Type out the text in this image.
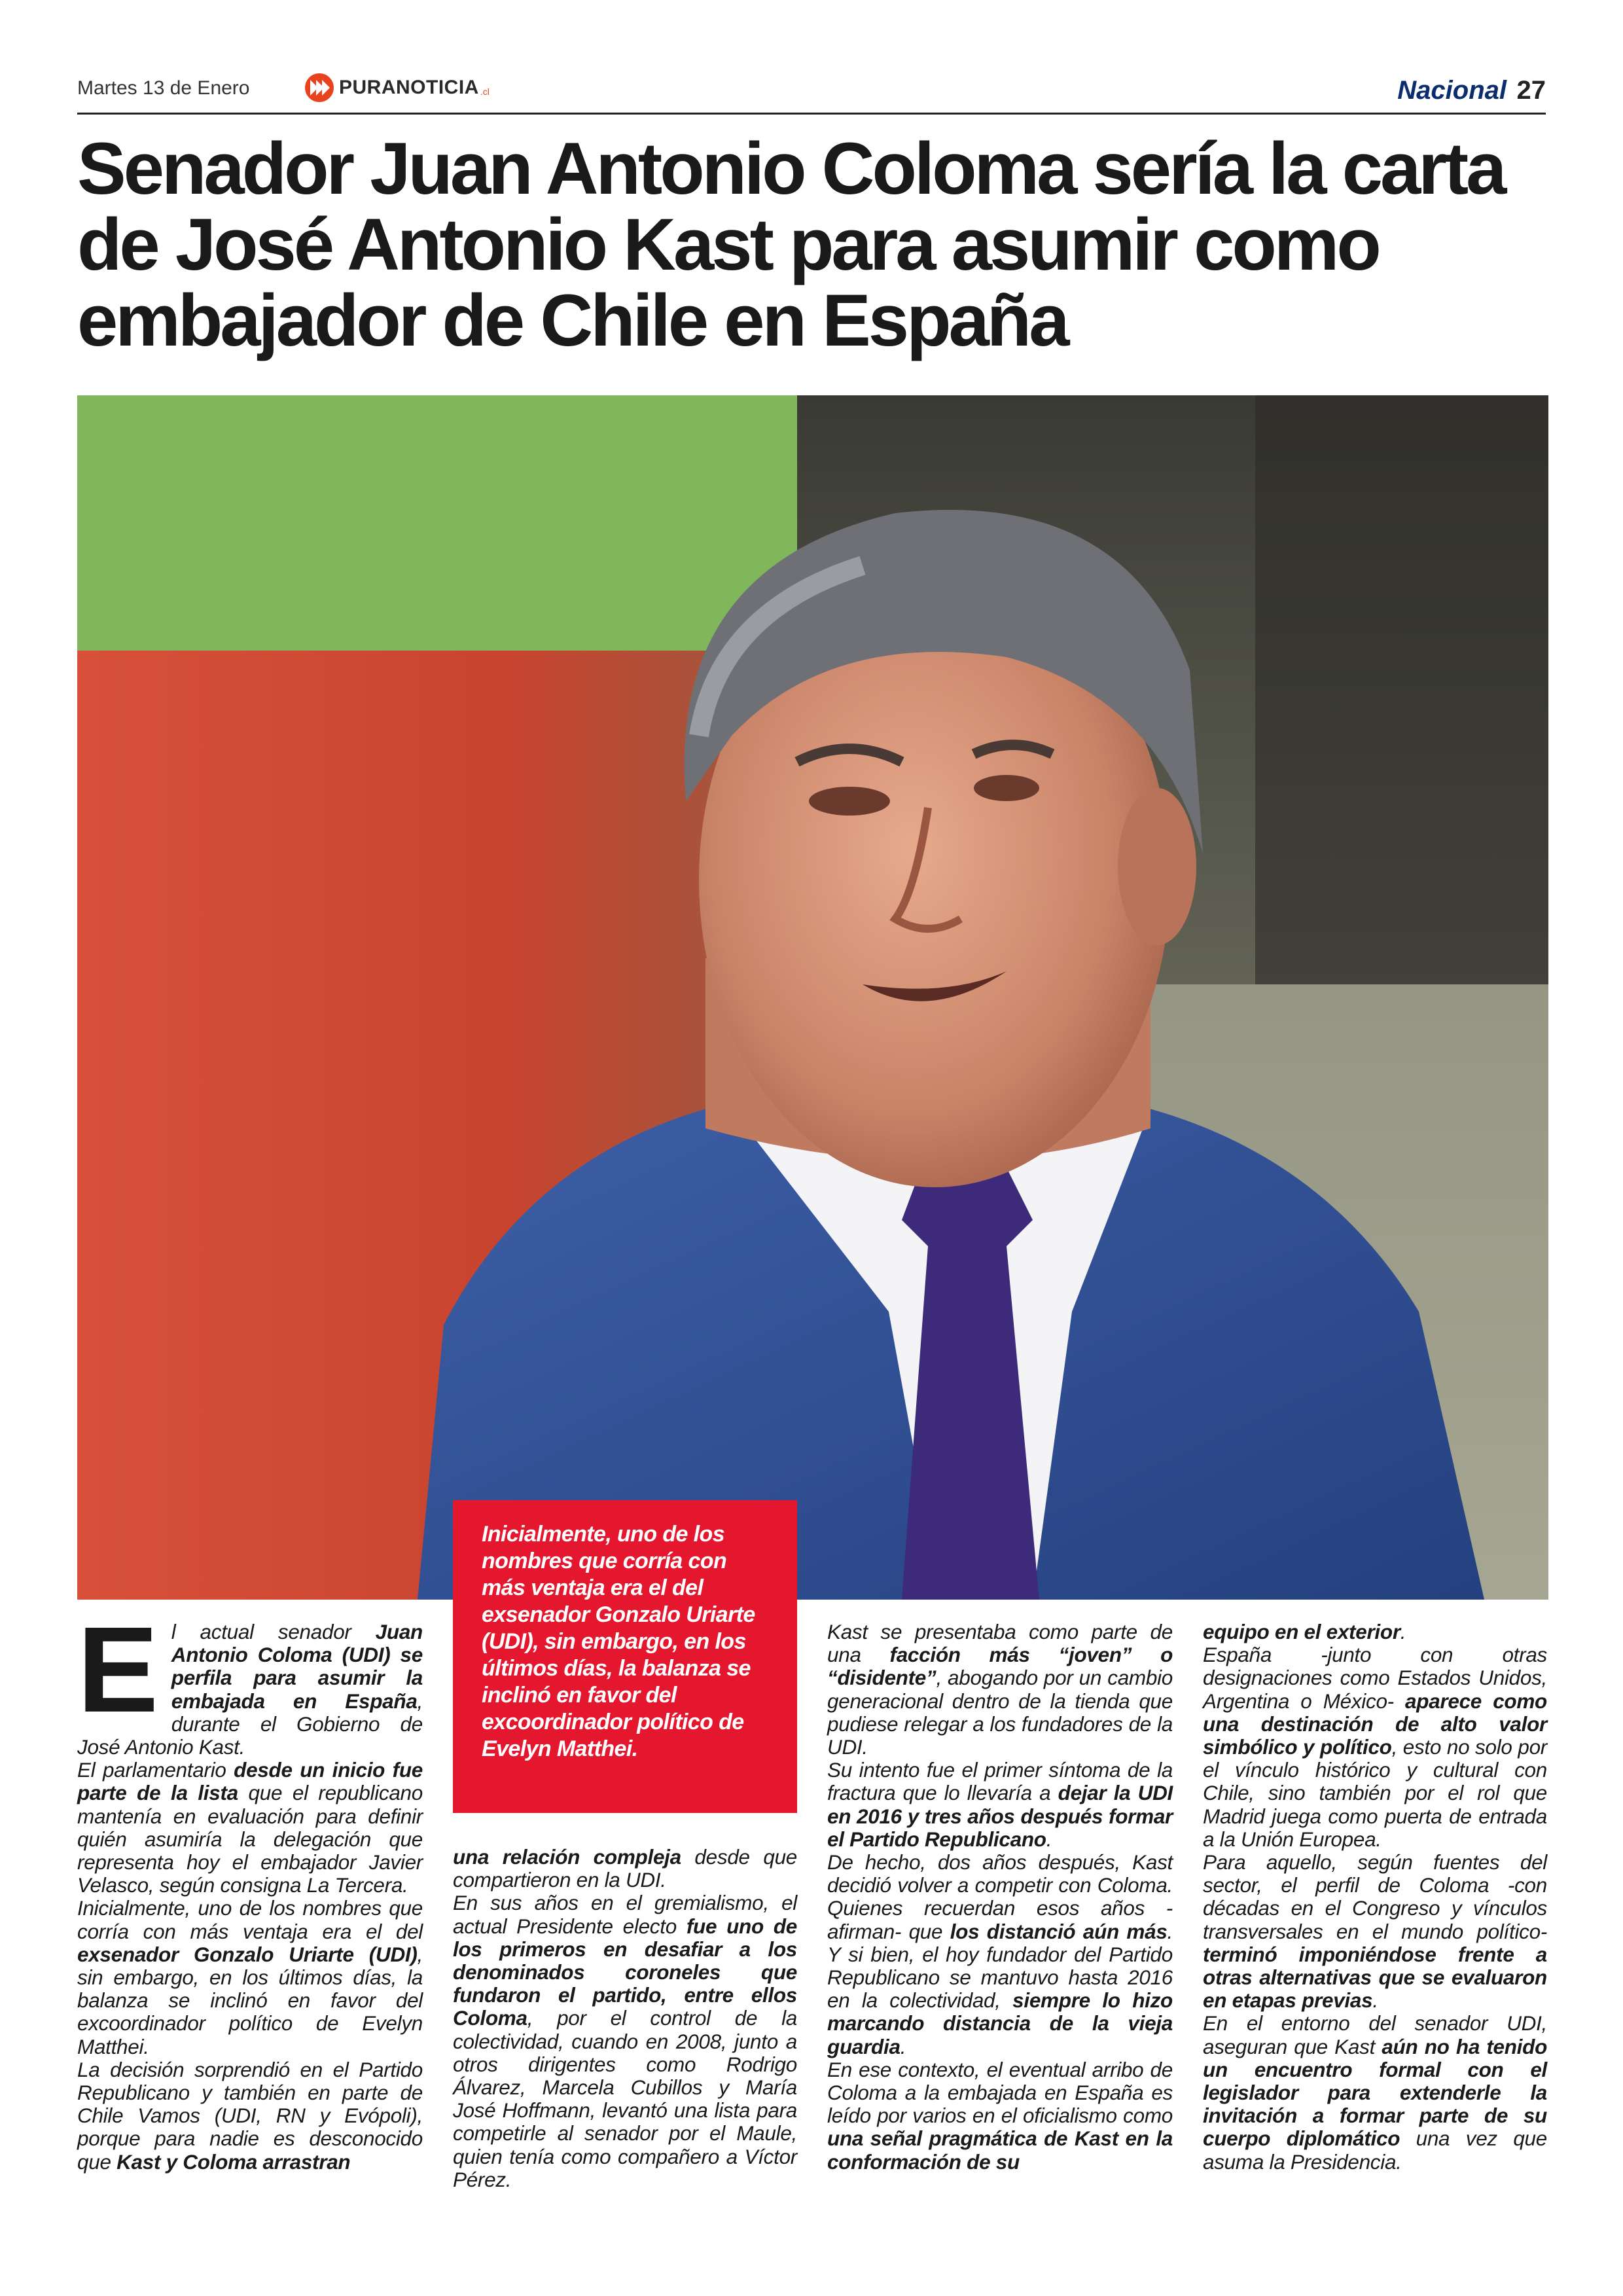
Martes 13 de Enero	PURANOTICIA .cl	Nacional 27
Senador Juan Antonio Coloma sería la carta de José Antonio Kast para asumir como embajador de Chile en España

Inicialmente, uno de los nombres que corría con más ventaja era el del exsenador Gonzalo Uriarte (UDI), sin embargo, en los últimos días, la balanza se inclinó en favor del excoordinador político de Evelyn Matthei.

E l actual senador Juan Antonio Coloma (UDI) se perfila para asumir la embajada en España, durante el Gobierno de José Antonio Kast.

El parlamentario desde un inicio fue parte de la lista que el republicano mantenía en evaluación para definir quién asumiría la delegación que representa hoy el embajador Javier Velasco, según consigna La Tercera.

Inicialmente, uno de los nombres que corría con más ventaja era el del exsenador Gonzalo Uriarte (UDI), sin embargo, en los últimos días, la balanza se inclinó en favor del excoordinador político de Evelyn Matthei.

La decisión sorprendió en el Partido Republicano y también en parte de Chile Vamos (UDI, RN y Evópoli), porque para nadie es desconocido que Kast y Coloma arrastran

una relación compleja desde que compartieron en la UDI.

En sus años en el gremialismo, el actual Presidente electo fue uno de los primeros en desafiar a los denominados coroneles que fundaron el partido, entre ellos Coloma, por el control de la colectividad, cuando en 2008, junto a otros dirigentes como Rodrigo Álvarez, Marcela Cubillos y María José Hoffmann, levantó una lista para competirle al senador por el Maule, quien tenía como compañero a Víctor Pérez.

Kast se presentaba como parte de una facción más “joven” o “disidente”, abogando por un cambio generacional dentro de la tienda que pudiese relegar a los fundadores de la UDI.

Su intento fue el primer síntoma de la fractura que lo llevaría a dejar la UDI en 2016 y tres años después formar el Partido Republicano.

De hecho, dos años después, Kast decidió volver a competir con Coloma. Quienes recuerdan esos años -afirman- que los distanció aún más. Y si bien, el hoy fundador del Partido Republicano se mantuvo hasta 2016 en la colectividad, siempre lo hizo marcando distancia de la vieja guardia.

En ese contexto, el eventual arribo de Coloma a la embajada en España es leído por varios en el oficialismo como una señal pragmática de Kast en la conformación de su

equipo en el exterior.

España -junto con otras designaciones como Estados Unidos, Argentina o México- aparece como una destinación de alto valor simbólico y político, esto no solo por el vínculo histórico y cultural con Chile, sino también por el rol que Madrid juega como puerta de entrada a la Unión Europea.

Para aquello, según fuentes del sector, el perfil de Coloma -con décadas en el Congreso y vínculos transversales en el mundo político- terminó imponiéndose frente a otras alternativas que se evaluaron en etapas previas.

En el entorno del senador UDI, aseguran que Kast aún no ha tenido un encuentro formal con el legislador para extenderle la invitación a formar parte de su cuerpo diplomático una vez que asuma la Presidencia.
